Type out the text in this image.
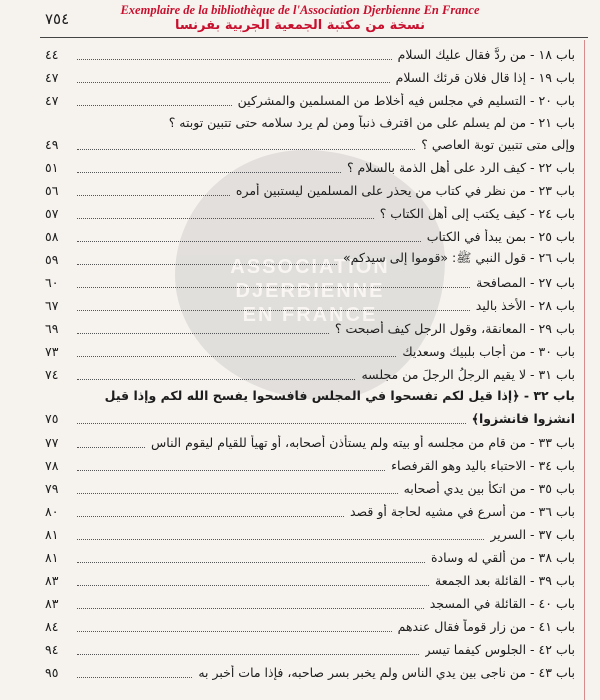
ASSOCIATION
DJERBIENNE
EN FRANCE
Exemplaire de la bibliothèque de l'Association Djerbienne En France
نسخة من مكتبة الجمعية الجربية بفرنسا
٧٥٤
باب ١٨ - من ردَّ فقال عليك السلام
٤٤
باب ١٩ - إذا قال فلان قرئك السلام
٤٧
باب ٢٠ - التسليم في مجلس فيه أخلاط من المسلمين والمشركين
٤٧
باب ٢١ - من لم يسلم على من اقترف ذنباً ومن لم يرد سلامه حتى تتبين توبته ؟
وإلى متى تتبين توبة العاصي ؟
٤٩
باب ٢٢ - كيف الرد على أهل الذمة بالسلام ؟
٥١
باب ٢٣ - من نظر في كتاب من يحذر على المسلمين ليستبين أمره
٥٦
باب ٢٤ - كيف يكتب إلى أهل الكتاب ؟
٥٧
باب ٢٥ - بمن يبدأ في الكتاب
٥٨
باب ٢٦ - قول النبي ﷺ: «قوموا إلى سيدكم»
٥٩
باب ٢٧ - المصافحة
٦٠
باب ٢٨ - الأخذ باليد
٦٧
باب ٢٩ - المعانقة، وقول الرجل كيف أصبحت ؟
٦٩
باب ٣٠ - من أجاب بلبيك وسعديك
٧٣
باب ٣١ - لا يقيم الرجلُ الرجلَ من مجلسه
٧٤
باب ٣٢ - ﴿إذا قيل لكم تفسحوا في المجلس فافسحوا يفسح الله لكم وإذا قيل
انشزوا فانشزوا﴾
٧٥
باب ٣٣ - من قام من مجلسه أو بيته ولم يستأذن أصحابه، أو تهيأ للقيام ليقوم الناس
٧٧
باب ٣٤ - الاحتباء باليد وهو القرفصاء
٧٨
باب ٣٥ - من اتكأ بين يدي أصحابه
٧٩
باب ٣٦ - من أسرع في مشيه لحاجة أو قصد
٨٠
باب ٣٧ - السرير
٨١
باب ٣٨ - من ألقي له وسادة
٨١
باب ٣٩ - القائلة بعد الجمعة
٨٣
باب ٤٠ - القائلة في المسجد
٨٣
باب ٤١ - من زار قوماً فقال عندهم
٨٤
باب ٤٢ - الجلوس كيفما تيسر
٩٤
باب ٤٣ - من ناجى بين يدي الناس ولم يخبر بسر صاحبه، فإذا مات أخبر به
٩٥
